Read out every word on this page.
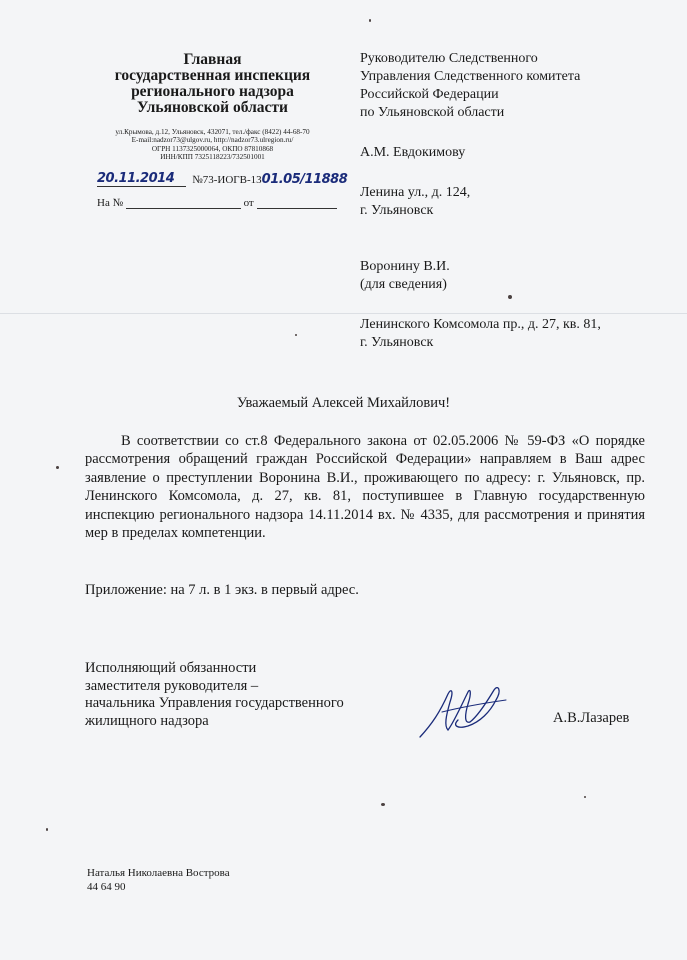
Главная

государственная инспекция

регионального надзора

Ульяновской области

ул.Крымова, д.12, Ульяновск, 432071, тел./факс (8422) 44-68-70
E-mail:nadzor73@ulgov.ru, http://nadzor73.ulregion.ru/
ОГРН 1137325000064, ОКПО 87810868
ИНН/КПП 7325118223/732501001
20.11.2014 №73-ИОГВ-1301.05/11888
На №	от

Руководителю Следственного

Управления Следственного комитета

Российской Федерации

по Ульяновской области

А.М. Евдокимову

Ленина ул., д. 124,

г. Ульяновск

Воронину В.И.

(для сведения)

Ленинского Комсомола пр., д. 27, кв. 81,

г. Ульяновск

Уважаемый Алексей Михайлович!

В соответствии со ст.8 Федерального закона от 02.05.2006 № 59-ФЗ «О порядке рассмотрения обращений граждан Российской Федерации» направляем в Ваш адрес заявление о преступлении Воронина В.И., проживающего по адресу: г. Ульяновск, пр. Ленинского Комсомола, д. 27, кв. 81, поступившее в Главную государственную инспекцию регионального надзора 14.11.2014 вх. № 4335, для рассмотрения и принятия мер в пределах компетенции.

Приложение: на 7 л. в 1 экз. в первый адрес.

Исполняющий обязанности
заместителя руководителя –
начальника Управления государственного
жилищного надзора	А.В.Лазарев
Наталья Николаевна Вострова
44 64 90
